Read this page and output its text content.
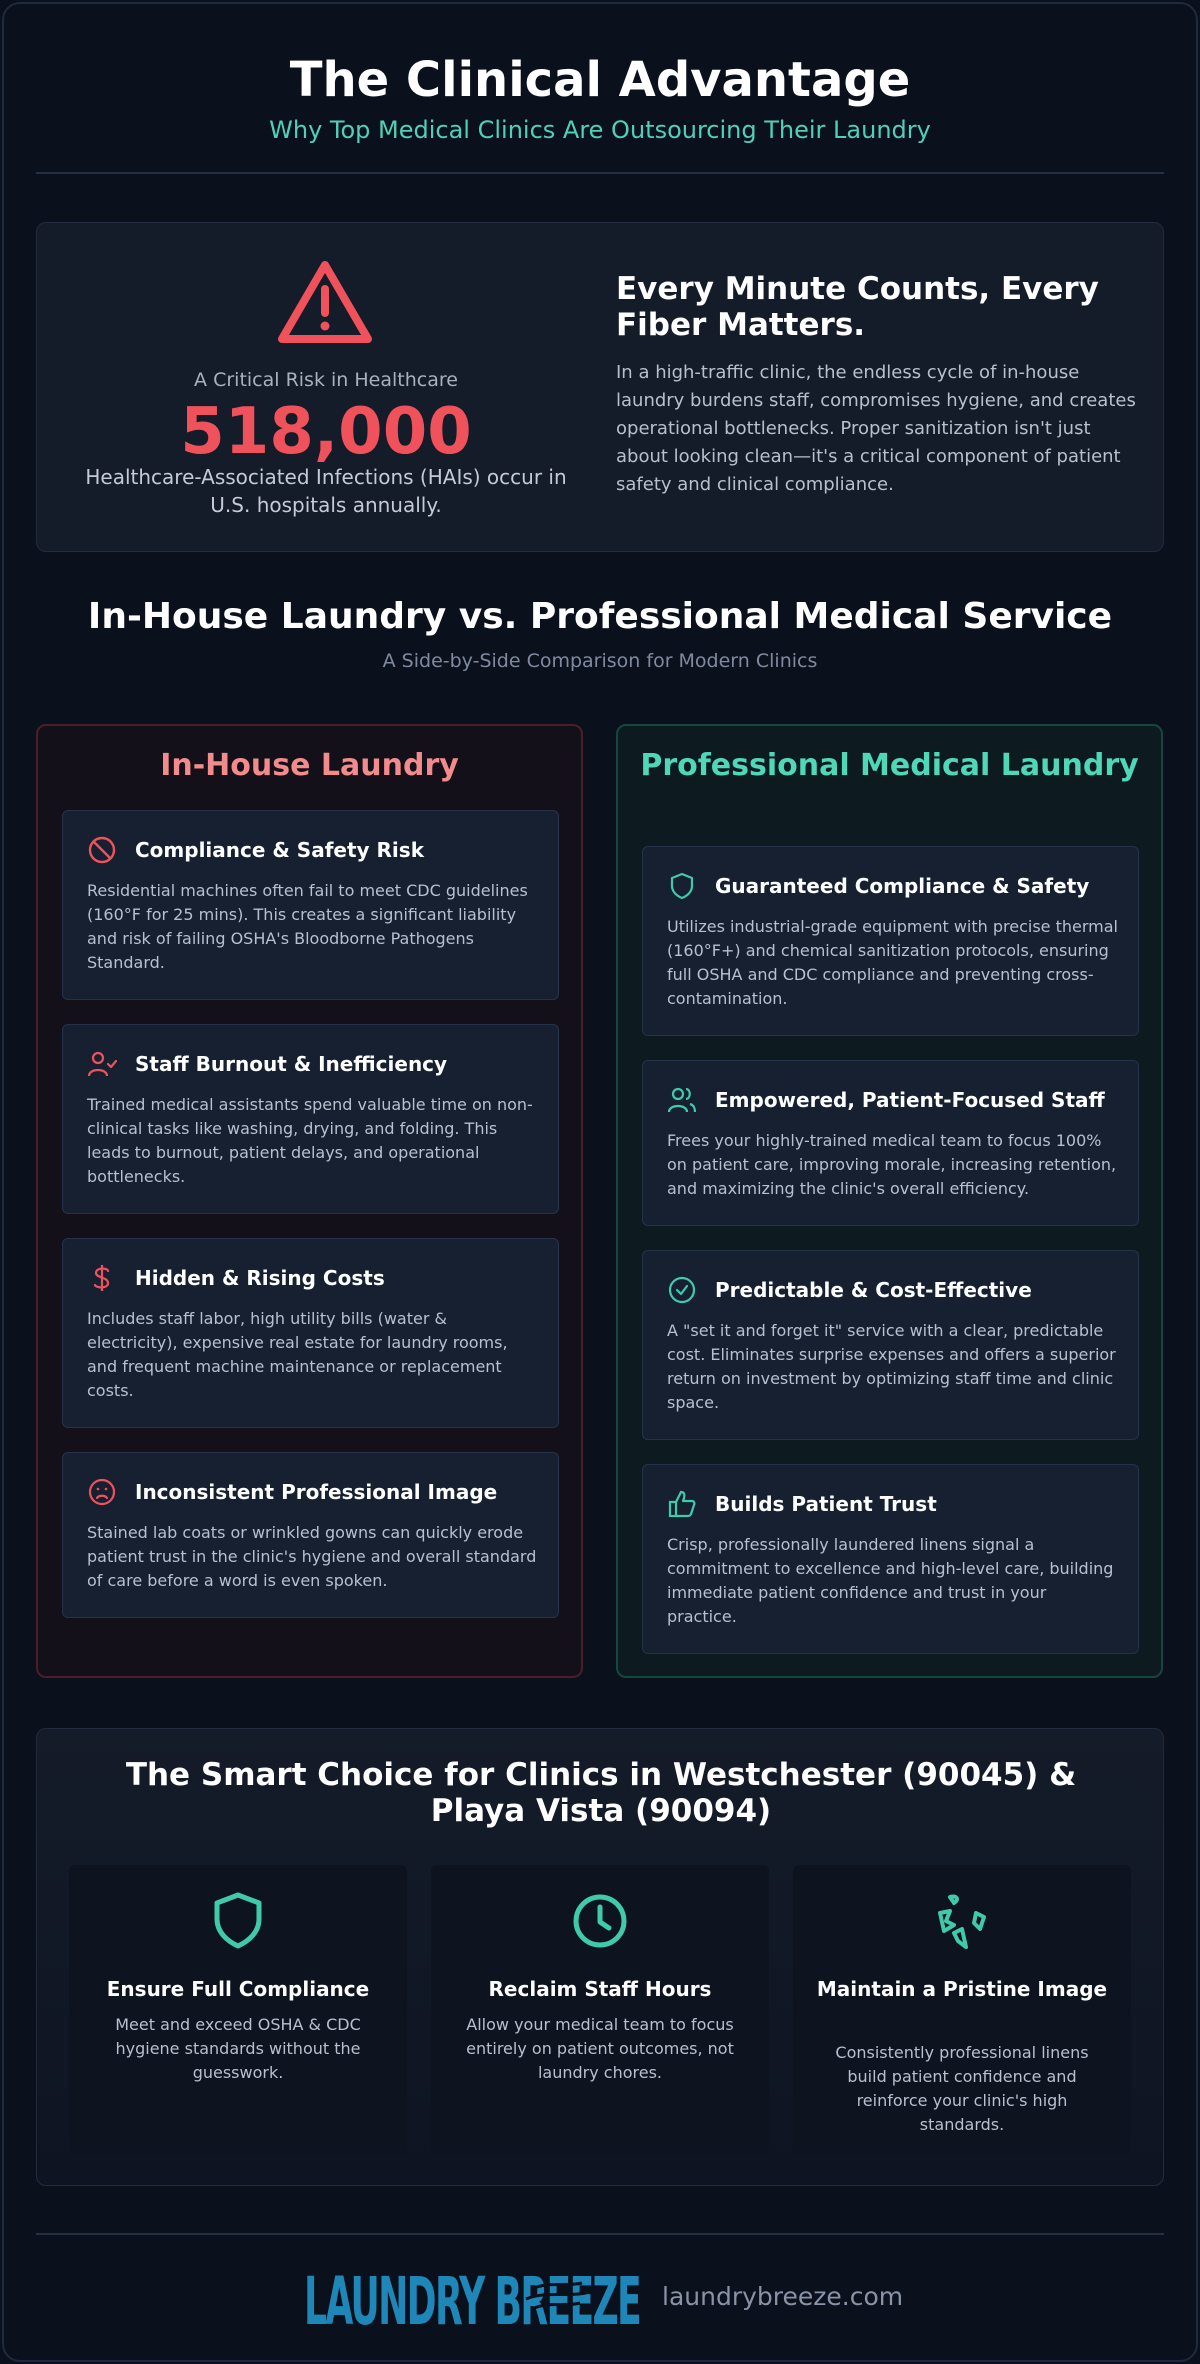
The Clinical Advantage
Why Top Medical Clinics Are Outsourcing Their Laundry
A Critical Risk in Healthcare
518,000
Healthcare-Associated Infections (HAIs) occur in U.S. hospitals annually.
Every Minute Counts, Every Fiber Matters.
In a high-traffic clinic, the endless cycle of in-house laundry burdens staff, compromises hygiene, and creates operational bottlenecks. Proper sanitization isn't just about looking clean—it's a critical component of patient safety and clinical compliance.
In-House Laundry vs. Professional Medical Service
A Side-by-Side Comparison for Modern Clinics
In-House Laundry
Compliance & Safety Risk
Residential machines often fail to meet CDC guidelines (160°F for 25 mins). This creates a significant liability and risk of failing OSHA's Bloodborne Pathogens Standard.
Staff Burnout & Inefficiency
Trained medical assistants spend valuable time on non-clinical tasks like washing, drying, and folding. This leads to burnout, patient delays, and operational bottlenecks.
Hidden & Rising Costs
Includes staff labor, high utility bills (water & electricity), expensive real estate for laundry rooms, and frequent machine maintenance or replacement costs.
Inconsistent Professional Image
Stained lab coats or wrinkled gowns can quickly erode patient trust in the clinic's hygiene and overall standard of care before a word is even spoken.
Professional Medical Laundry
Guaranteed Compliance & Safety
Utilizes industrial-grade equipment with precise thermal (160°F+) and chemical sanitization protocols, ensuring full OSHA and CDC compliance and preventing cross-contamination.
Empowered, Patient-Focused Staff
Frees your highly-trained medical team to focus 100% on patient care, improving morale, increasing retention, and maximizing the clinic's overall efficiency.
Predictable & Cost-Effective
A "set it and forget it" service with a clear, predictable cost. Eliminates surprise expenses and offers a superior return on investment by optimizing staff time and clinic space.
Builds Patient Trust
Crisp, professionally laundered linens signal a commitment to excellence and high-level care, building immediate patient confidence and trust in your practice.
The Smart Choice for Clinics in Westchester (90045) & Playa Vista (90094)
Ensure Full Compliance
Meet and exceed OSHA & CDC hygiene standards without the guesswork.
Reclaim Staff Hours
Allow your medical team to focus entirely on patient outcomes, not laundry chores.
Maintain a Pristine Image
Consistently professional linens build patient confidence and reinforce your clinic's high standards.
LAUNDRY BREEZE laundrybreeze.com
